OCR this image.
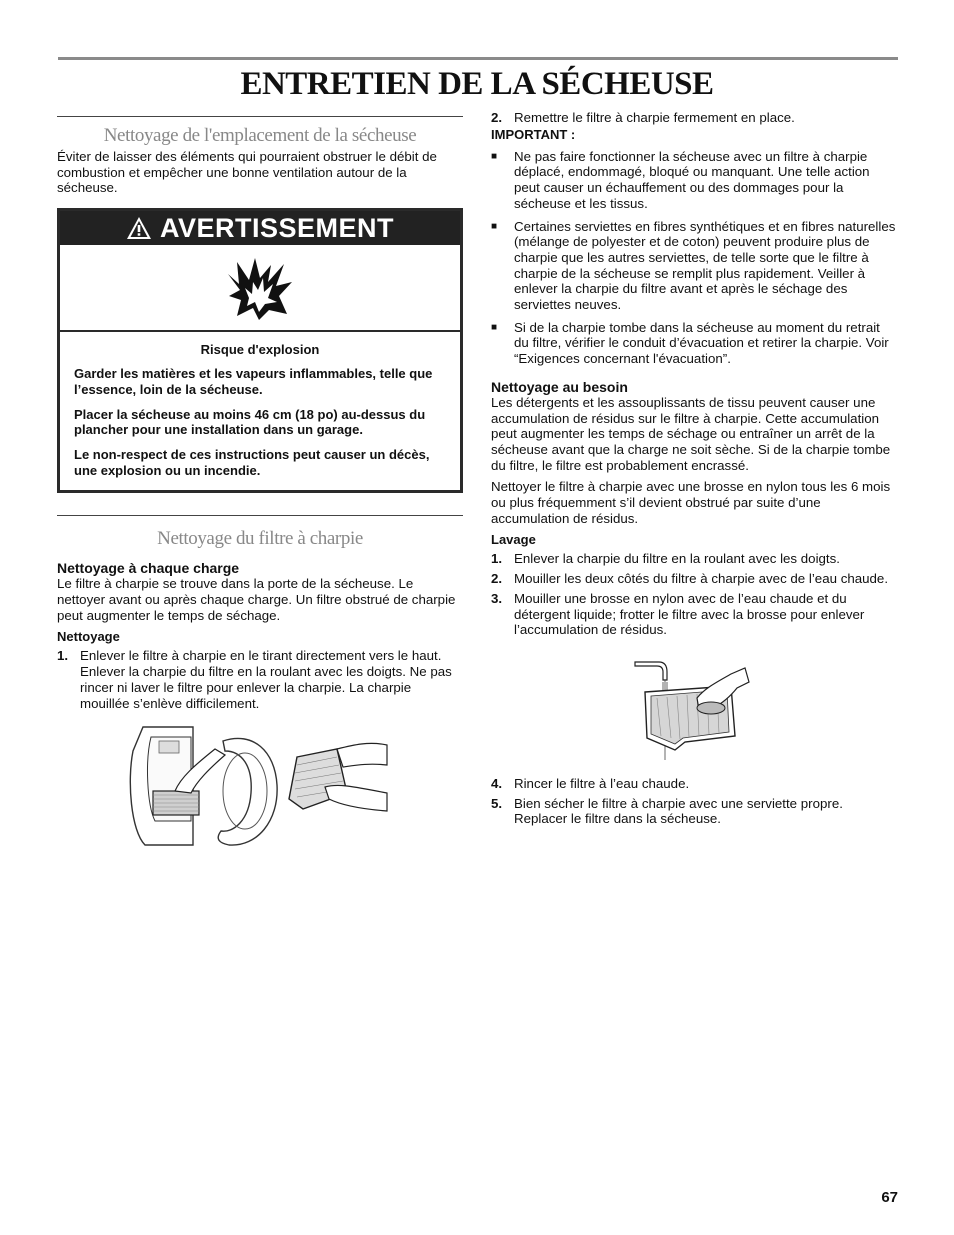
ENTRETIEN DE LA SÉCHEUSE
Nettoyage de l'emplacement de la sécheuse

Éviter de laisser des éléments qui pourraient obstruer le débit de combustion et empêcher une bonne ventilation autour de la sécheuse.

AVERTISSEMENT
Risque d'explosion

Garder les matières et les vapeurs inflammables, telle que l’essence, loin de la sécheuse.

Placer la sécheuse au moins 46 cm (18 po) au-dessus du plancher pour une installation dans un garage.

Le non-respect de ces instructions peut causer un décès, une explosion ou un incendie.

Nettoyage du filtre à charpie
Nettoyage à chaque charge

Le filtre à charpie se trouve dans la porte de la sécheuse. Le nettoyer avant ou après chaque charge. Un filtre obstrué de charpie peut augmenter le temps de séchage.

Nettoyage
1. Enlever le filtre à charpie en le tirant directement vers le haut. Enlever la charpie du filtre en la roulant avec les doigts. Ne pas rincer ni laver le filtre pour enlever la charpie. La charpie mouillée s’enlève difficilement.
2. Remettre le filtre à charpie fermement en place.
IMPORTANT :
■	Ne pas faire fonctionner la sécheuse avec un filtre à charpie déplacé, endommagé, bloqué ou manquant. Une telle action peut causer un échauffement ou des dommages pour la sécheuse et les tissus.
■	Certaines serviettes en fibres synthétiques et en fibres naturelles (mélange de polyester et de coton) peuvent produire plus de charpie que les autres serviettes, de telle sorte que le filtre à charpie de la sécheuse se remplit plus rapidement. Veiller à enlever la charpie du filtre avant et après le séchage des serviettes neuves.
■	Si de la charpie tombe dans la sécheuse au moment du retrait du filtre, vérifier le conduit d’évacuation et retirer la charpie. Voir “Exigences concernant l'évacuation”.
Nettoyage au besoin

Les détergents et les assouplissants de tissu peuvent causer une accumulation de résidus sur le filtre à charpie. Cette accumulation peut augmenter les temps de séchage ou entraîner un arrêt de la sécheuse avant que la charge ne soit sèche. Si de la charpie tombe du filtre, le filtre est probablement encrassé.

Nettoyer le filtre à charpie avec une brosse en nylon tous les 6 mois ou plus fréquemment s’il devient obstrué par suite d’une accumulation de résidus.

Lavage
1. Enlever la charpie du filtre en la roulant avec les doigts.
2. Mouiller les deux côtés du filtre à charpie avec de l’eau chaude.
3. Mouiller une brosse en nylon avec de l’eau chaude et du détergent liquide; frotter le filtre avec la brosse pour enlever l’accumulation de résidus.
4. Rincer le filtre à l’eau chaude.
5. Bien sécher le filtre à charpie avec une serviette propre. Replacer le filtre dans la sécheuse.
67
